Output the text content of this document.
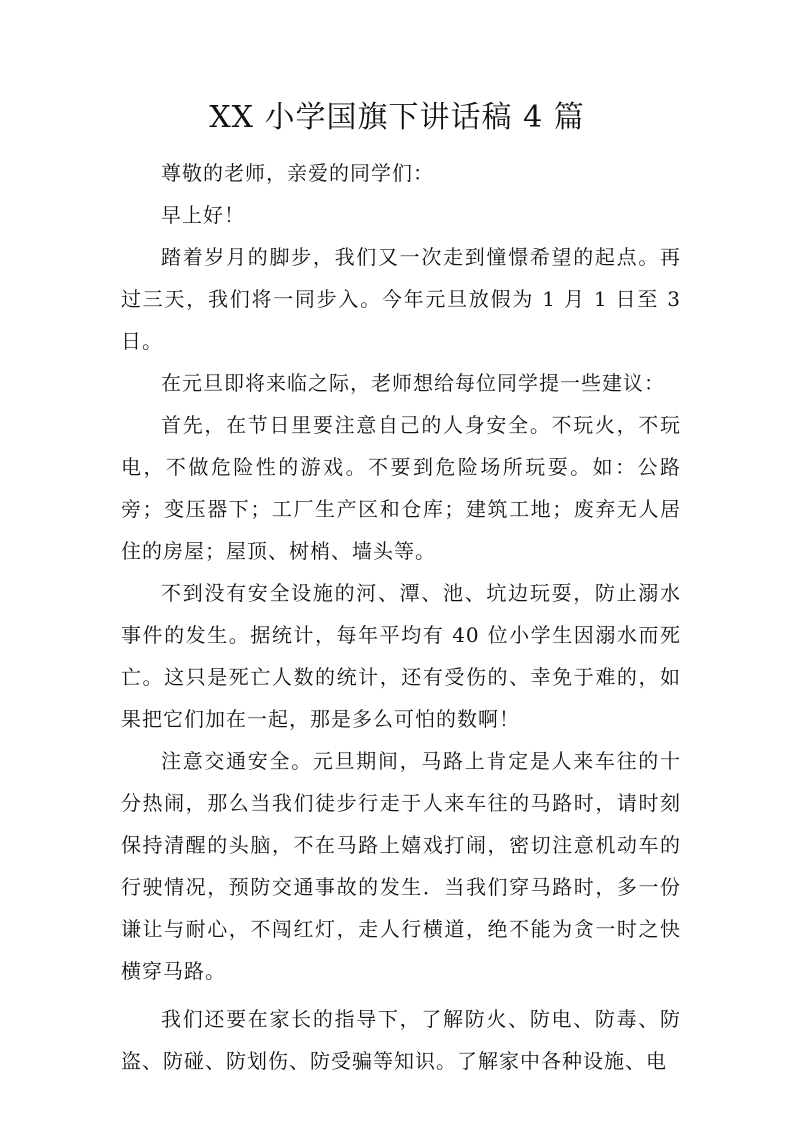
XX 小学国旗下讲话稿 4 篇

尊敬的老师，亲爱的同学们：

早上好！

踏着岁月的脚步，我们又一次走到憧憬希望的起点。再过三天，我们将一同步入。今年元旦放假为 1 月 1 日至 3 日。

在元旦即将来临之际，老师想给每位同学提一些建议：

首先，在节日里要注意自己的人身安全。不玩火，不玩电，不做危险性的游戏。不要到危险场所玩耍。如：公路旁；变压器下；工厂生产区和仓库；建筑工地；废弃无人居住的房屋；屋顶、树梢、墙头等。

不到没有安全设施的河、潭、池、坑边玩耍，防止溺水事件的发生。据统计，每年平均有 40 位小学生因溺水而死亡。这只是死亡人数的统计，还有受伤的、幸免于难的，如果把它们加在一起，那是多么可怕的数啊！

注意交通安全。元旦期间，马路上肯定是人来车往的十分热闹，那么当我们徒步行走于人来车往的马路时，请时刻保持清醒的头脑，不在马路上嬉戏打闹，密切注意机动车的行驶情况，预防交通事故的发生．当我们穿马路时，多一份谦让与耐心，不闯红灯，走人行横道，绝不能为贪一时之快横穿马路。

我们还要在家长的指导下，了解防火、防电、防毒、防盗、防碰、防划伤、防受骗等知识。了解家中各种设施、电
